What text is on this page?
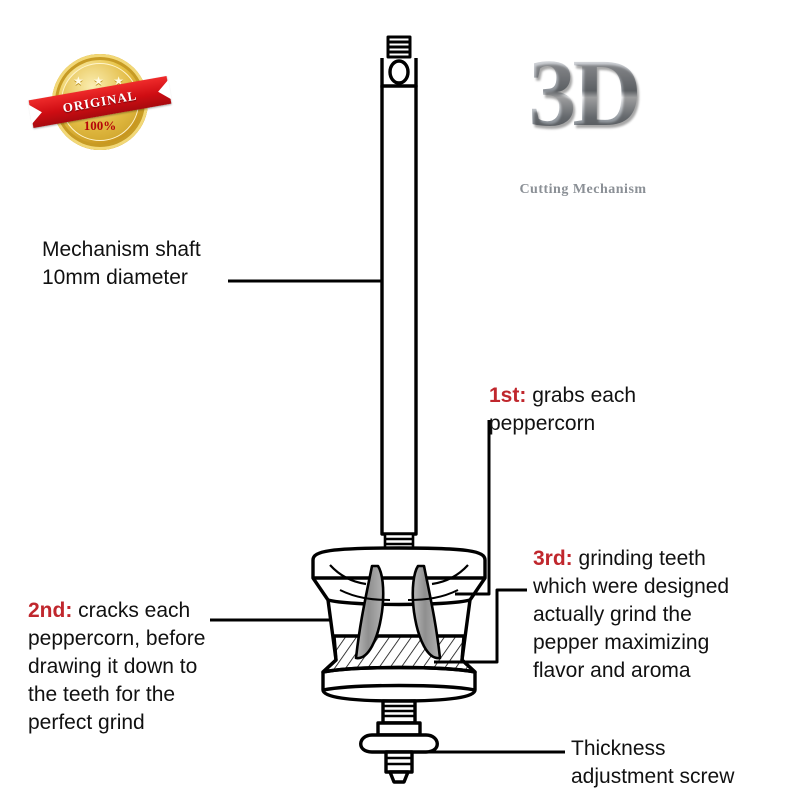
★ ★ ★
100%
ORIGINAL	3D
Cutting Mechanism
Mechanism shaft
10mm diameter
1st: grabs each
peppercorn
3rd: grinding teeth
which were designed
actually grind the
pepper maximizing
flavor and aroma
2nd: cracks each
peppercorn, before
drawing it down to
the teeth for the
perfect grind
Thickness
adjustment screw
